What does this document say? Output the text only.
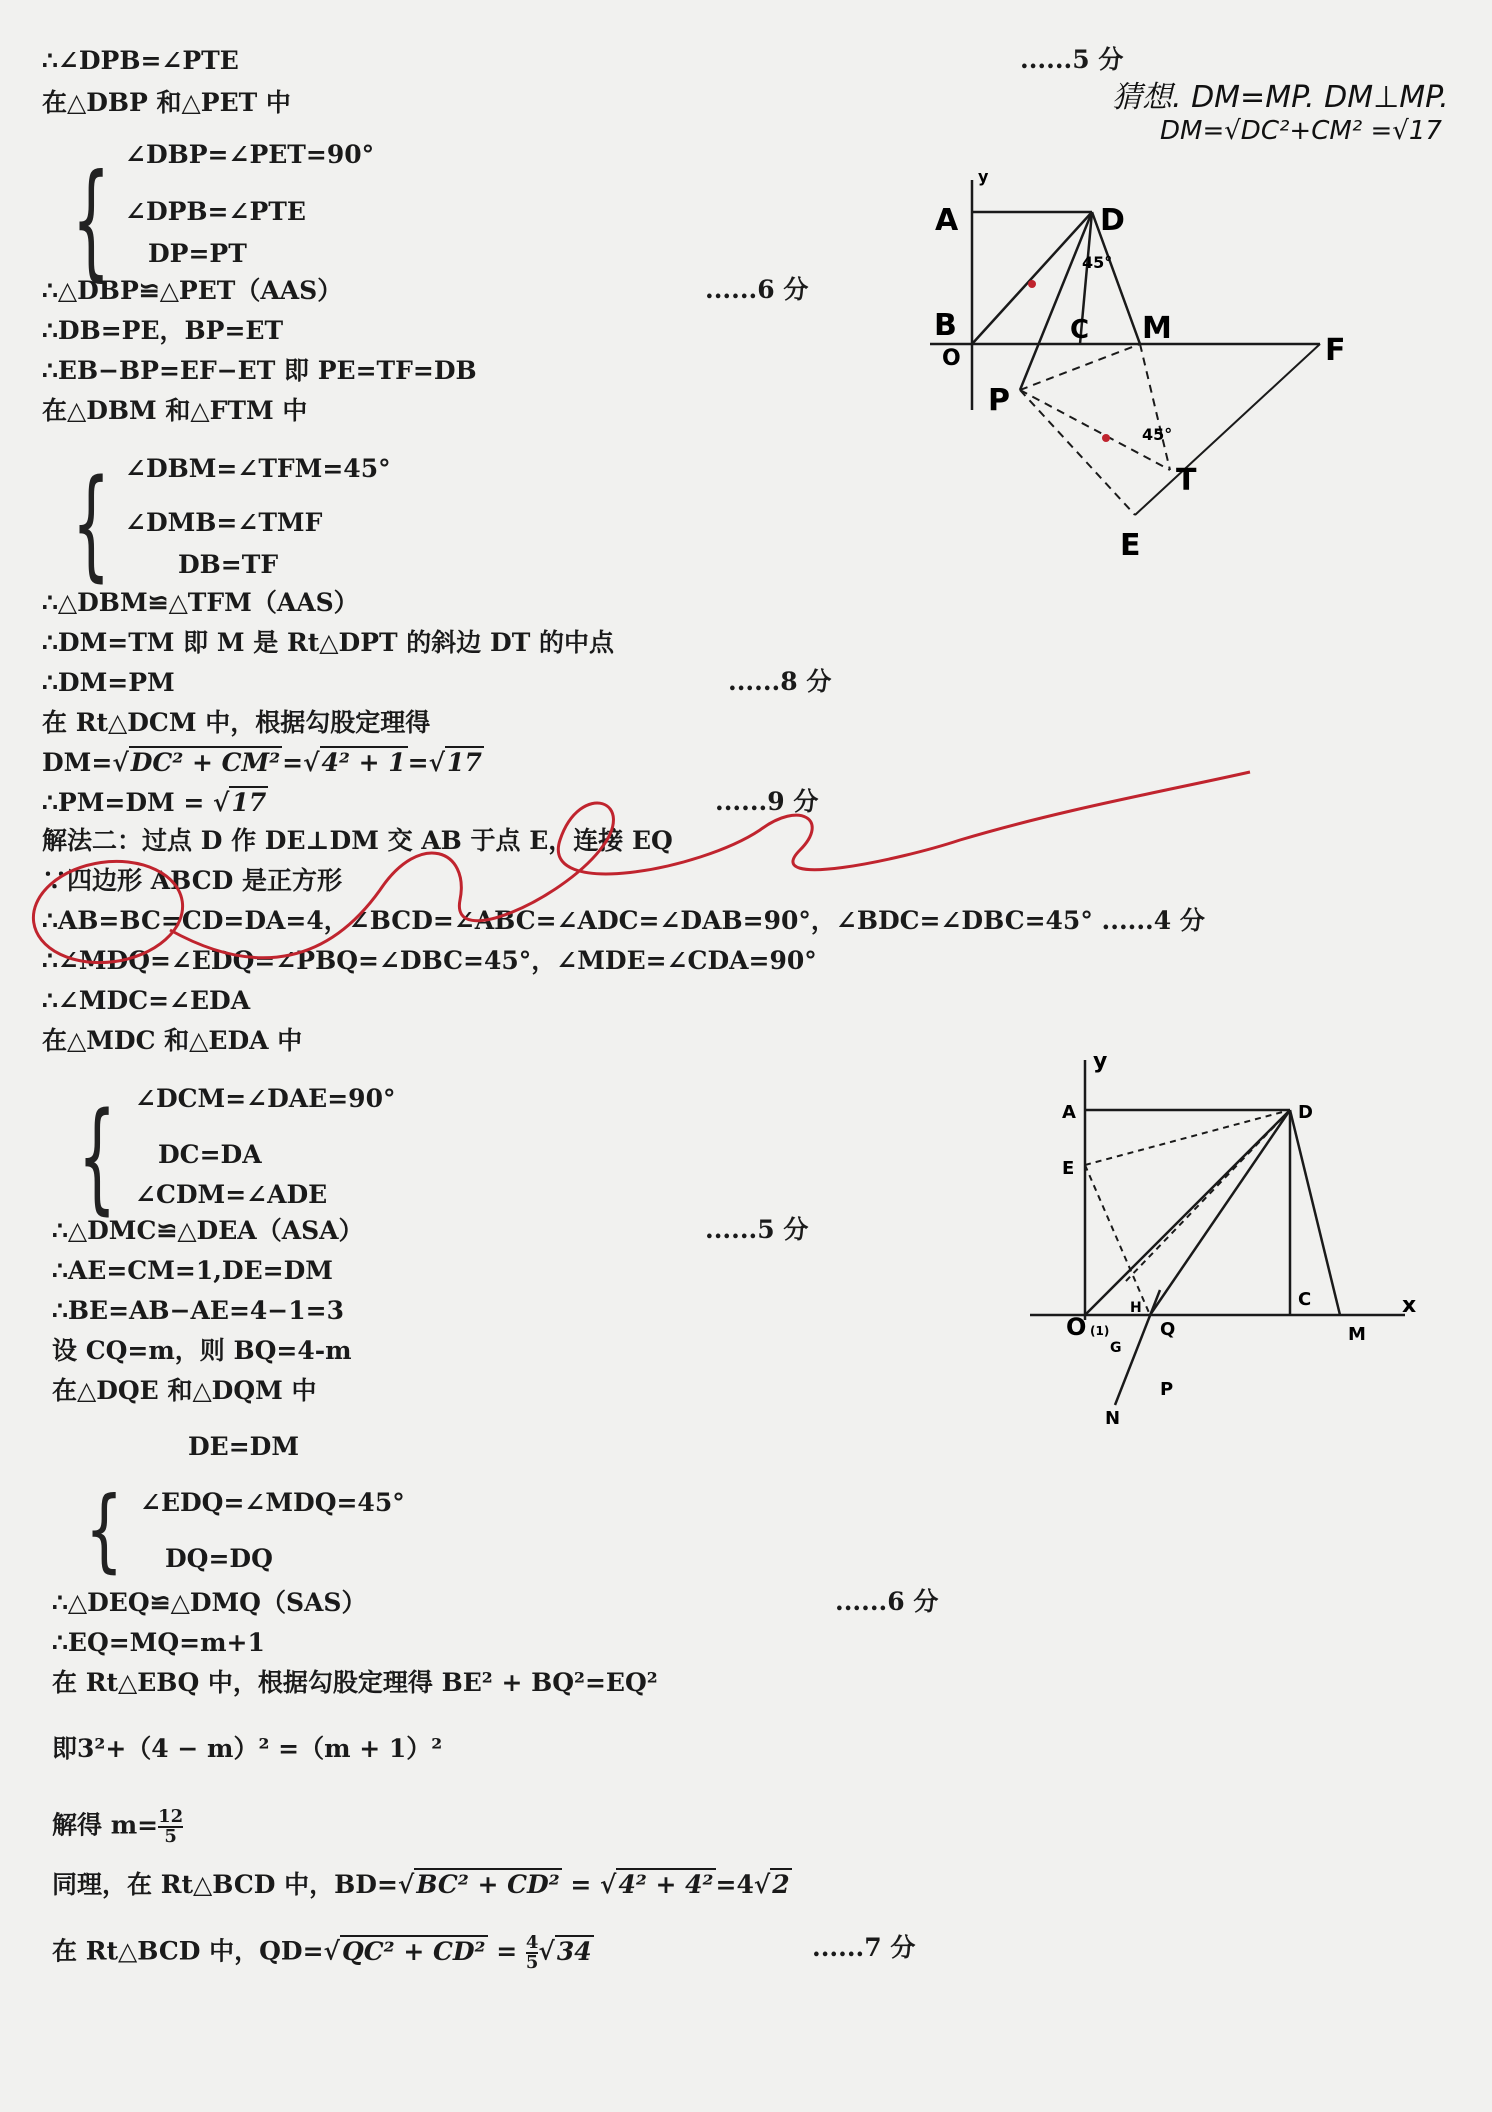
∴∠DPB=∠PTE	......5 分
在△DBP 和△PET 中
{ ∠DBP=∠PET=90°
∠DPB=∠PTE
DP=PT
∴△DBP≌△PET（AAS）	......6 分
∴DB=PE，BP=ET
∴EB−BP=EF−ET 即 PE=TF=DB
在△DBM 和△FTM 中
{ ∠DBM=∠TFM=45°
∠DMB=∠TMF
DB=TF
∴△DBM≌△TFM（AAS）
∴DM=TM 即 M 是 Rt△DPT 的斜边 DT 的中点
∴DM=PM	......8 分
在 Rt△DCM 中，根据勾股定理得
DM=√DC² + CM²=√4² + 1=√17
∴PM=DM = √17	......9 分
解法二：过点 D 作 DE⊥DM 交 AB 于点 E，连接 EQ
∵四边形 ABCD 是正方形
∴AB=BC=CD=DA=4，∠BCD=∠ABC=∠ADC=∠DAB=90°，∠BDC=∠DBC=45° ......4 分
∴∠MDQ=∠EDQ=∠PBQ=∠DBC=45°，∠MDE=∠CDA=90°
∴∠MDC=∠EDA
在△MDC 和△EDA 中
{ ∠DCM=∠DAE=90°
DC=DA
∠CDM=∠ADE
∴△DMC≌△DEA（ASA）	......5 分
∴AE=CM=1,DE=DM
∴BE=AB−AE=4−1=3
设 CQ=m，则 BQ=4-m
在△DQE 和△DQM 中
DE=DM
{ ∠EDQ=∠MDQ=45°
DQ=DQ
∴△DEQ≌△DMQ（SAS）	......6 分
∴EQ=MQ=m+1
在 Rt△EBQ 中，根据勾股定理得 BE² + BQ²=EQ²
即3²+（4 − m）² =（m + 1）²
解得 $m= \frac{12}{5}$
同理，在 Rt△BCD 中，BD=√BC² + CD² = √4² + 4²=4√2
在 Rt△BCD 中，$QD=√QC^2 + CD^2 = \frac{4}{5} √34$	......7 分
猜想. DM=MP. DM⊥MP.
DM=√DC²+CM² =√17
A	D
B	C M
F
O
P
T
E
y
45°
45°
A	D
E
y
x
O
H
Q
C
M
G
P
N
(1)
